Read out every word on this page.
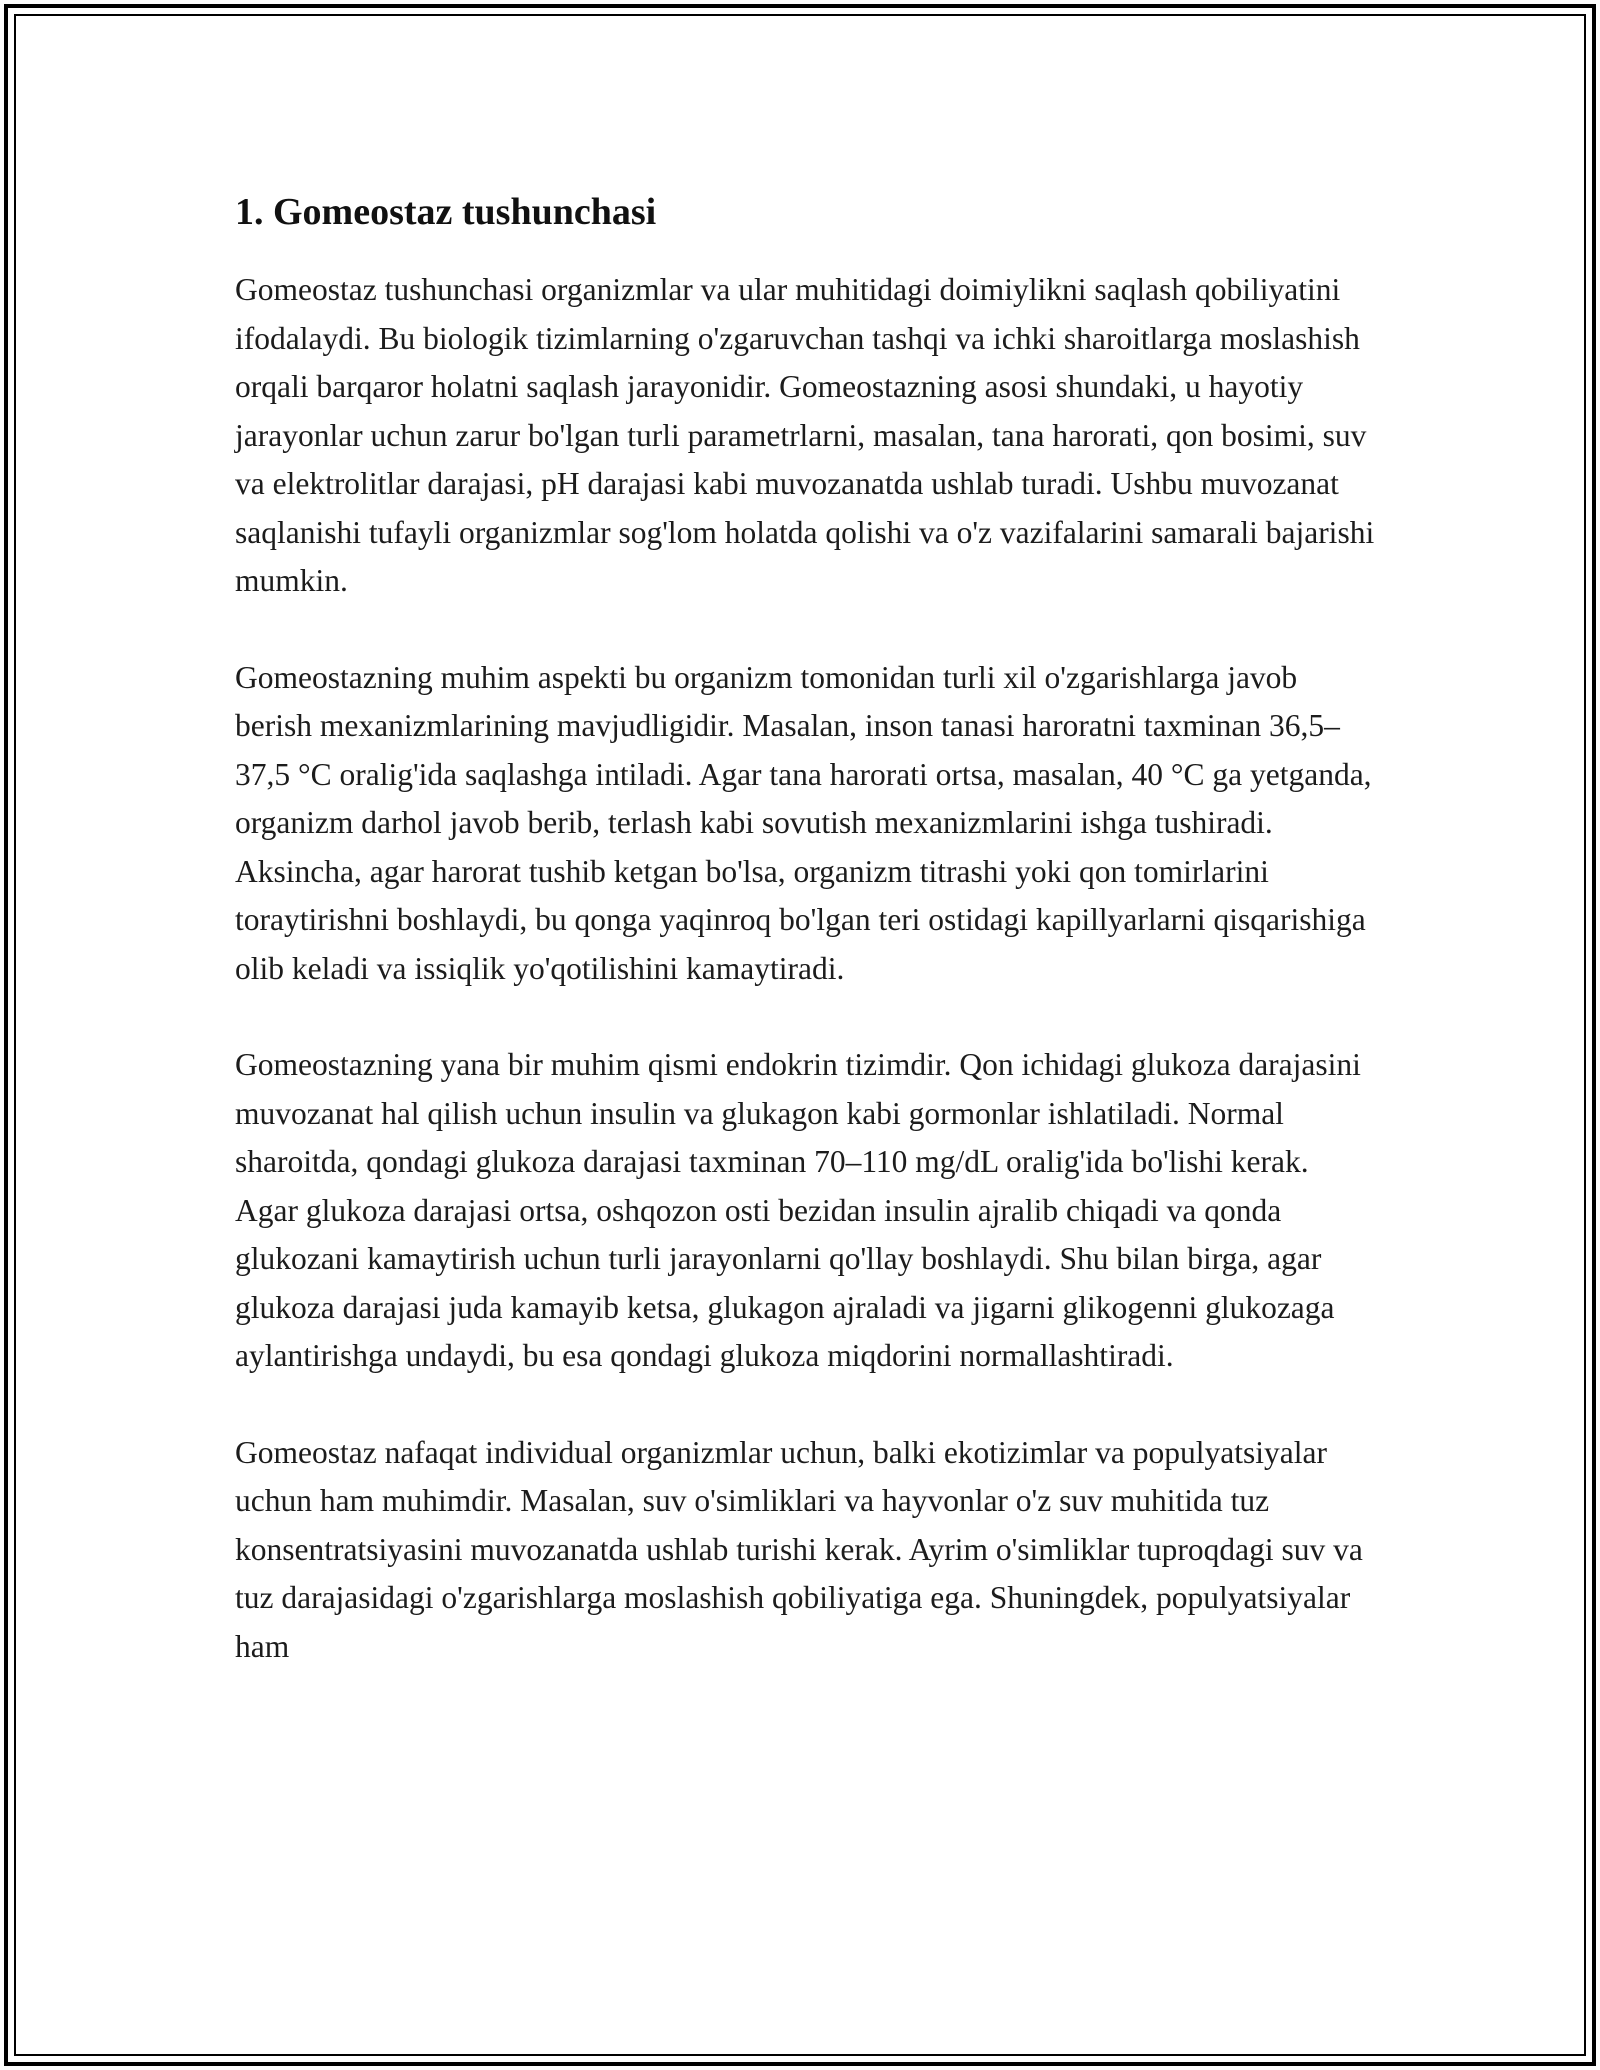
1. Gomeostaz tushunchasi

Gomeostaz tushunchasi organizmlar va ular muhitidagi doimiylikni saqlash qobiliyatini ifodalaydi. Bu biologik tizimlarning o'zgaruvchan tashqi va ichki sharoitlarga moslashish orqali barqaror holatni saqlash jarayonidir. Gomeostazning asosi shundaki, u hayotiy jarayonlar uchun zarur bo'lgan turli parametrlarni, masalan, tana harorati, qon bosimi, suv va elektrolitlar darajasi, pH darajasi kabi muvozanatda ushlab turadi. Ushbu muvozanat saqlanishi tufayli organizmlar sog'lom holatda qolishi va o'z vazifalarini samarali bajarishi mumkin.

Gomeostazning muhim aspekti bu organizm tomonidan turli xil o'zgarishlarga javob berish mexanizmlarining mavjudligidir. Masalan, inson tanasi haroratni taxminan 36,5–37,5 °C oralig'ida saqlashga intiladi. Agar tana harorati ortsa, masalan, 40 °C ga yetganda, organizm darhol javob berib, terlash kabi sovutish mexanizmlarini ishga tushiradi. Aksincha, agar harorat tushib ketgan bo'lsa, organizm titrashi yoki qon tomirlarini toraytirishni boshlaydi, bu qonga yaqinroq bo'lgan teri ostidagi kapillyarlarni qisqarishiga olib keladi va issiqlik yo'qotilishini kamaytiradi.

Gomeostazning yana bir muhim qismi endokrin tizimdir. Qon ichidagi glukoza darajasini muvozanat hal qilish uchun insulin va glukagon kabi gormonlar ishlatiladi. Normal sharoitda, qondagi glukoza darajasi taxminan 70–110 mg/dL oralig'ida bo'lishi kerak. Agar glukoza darajasi ortsa, oshqozon osti bezidan insulin ajralib chiqadi va qonda glukozani kamaytirish uchun turli jarayonlarni qo'llay boshlaydi. Shu bilan birga, agar glukoza darajasi juda kamayib ketsa, glukagon ajraladi va jigarni glikogenni glukozaga aylantirishga undaydi, bu esa qondagi glukoza miqdorini normallashtiradi.

Gomeostaz nafaqat individual organizmlar uchun, balki ekotizimlar va populyatsiyalar uchun ham muhimdir. Masalan, suv o'simliklari va hayvonlar o'z suv muhitida tuz konsentratsiyasini muvozanatda ushlab turishi kerak. Ayrim o'simliklar tuproqdagi suv va tuz darajasidagi o'zgarishlarga moslashish qobiliyatiga ega. Shuningdek, populyatsiyalar ham
